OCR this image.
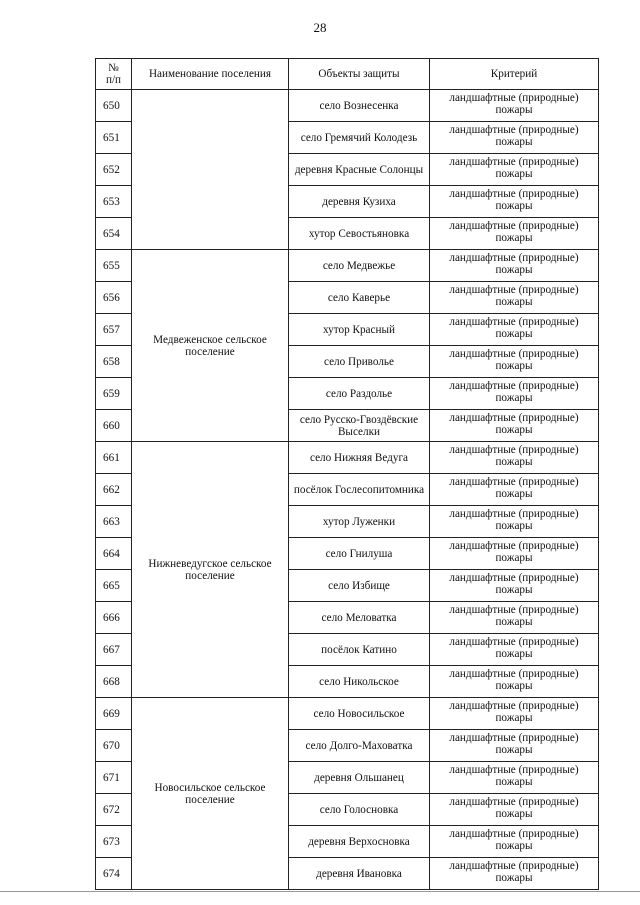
28
№
п/п	Наименование поселения	Объекты защиты	Критерий
650		село Вознесенка	ландшафтные (природные) пожары
651		село Гремячий Колодезь	ландшафтные (природные) пожары
652		деревня Красные Солонцы	ландшафтные (природные) пожары
653		деревня Кузиха	ландшафтные (природные) пожары
654		хутор Севостьяновка	ландшафтные (природные) пожары
655	Медвеженское сельское поселение	село Медвежье	ландшафтные (природные) пожары
656		село Каверье	ландшафтные (природные) пожары
657		хутор Красный	ландшафтные (природные) пожары
658		село Приволье	ландшафтные (природные) пожары
659		село Раздолье	ландшафтные (природные) пожары
660		село Русско-Гвоздёвские Выселки	ландшафтные (природные) пожары
661	Нижневедугское сельское поселение	село Нижняя Ведуга	ландшафтные (природные) пожары
662		посёлок Гослесопитомника	ландшафтные (природные) пожары
663		хутор Луженки	ландшафтные (природные) пожары
664		село Гнилуша	ландшафтные (природные) пожары
665		село Избище	ландшафтные (природные) пожары
666		село Меловатка	ландшафтные (природные) пожары
667		посёлок Катино	ландшафтные (природные) пожары
668		село Никольское	ландшафтные (природные) пожары
669	Новосильское сельское поселение	село Новосильское	ландшафтные (природные) пожары
670		село Долго-Маховатка	ландшафтные (природные) пожары
671		деревня Ольшанец	ландшафтные (природные) пожары
672		село Голосновка	ландшафтные (природные) пожары
673		деревня Верхосновка	ландшафтные (природные) пожары
674		деревня Ивановка	ландшафтные (природные) пожары
